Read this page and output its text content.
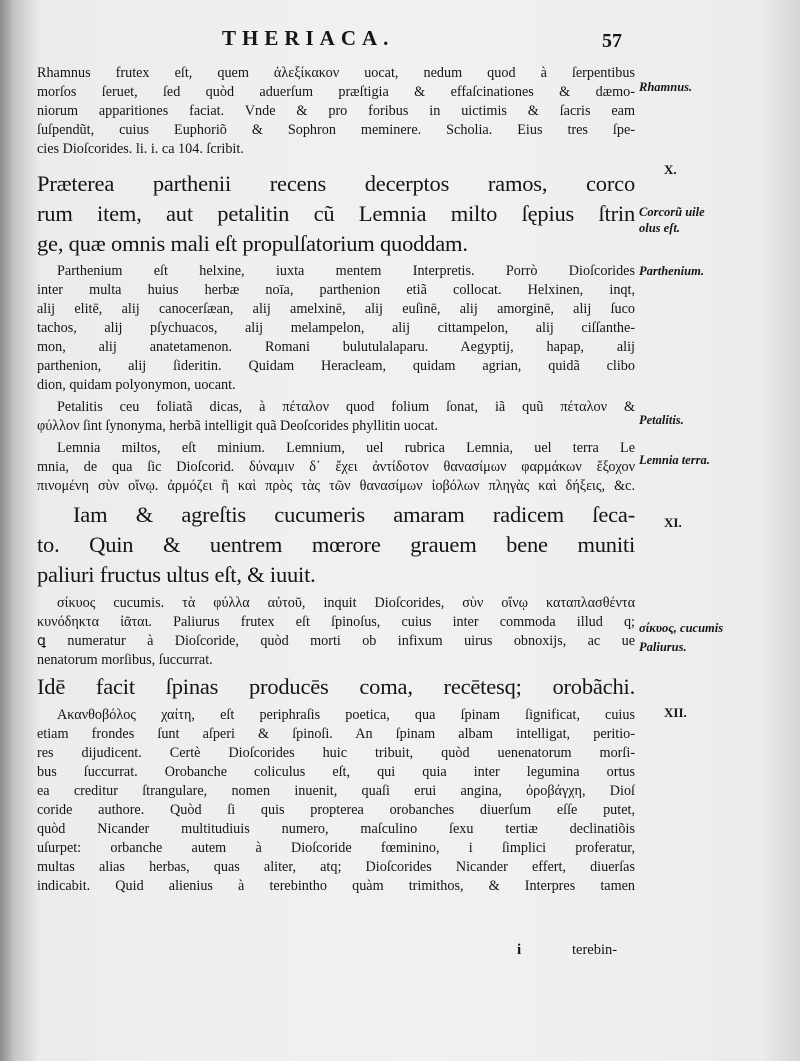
THERIACA.	57
Rhamnus frutex eſt, quem ἀλεξίκακον uocat, nedum quod à ſerpentibus
morſos ſeruet, ſed quòd aduerſum præſtigia & effaſcinationes & dæmo-
niorum apparitiones faciat. Vnde & pro foribus in uictimis & ſacris eam
ſuſpendũt, cuius Euphoriõ & Sophron meminere. Scholia. Eius tres ſpe-
cies Dioſcorides. li. i. ca 104. ſcribit.
Præterea parthenii recens decerptos ramos, corco
rum item, aut petalitin cũ Lemnia milto ſępius ſtrin
ge, quæ omnis mali eſt propulſatorium quoddam.
Parthenium eſt helxine, iuxta mentem Interpretis. Porrò Dioſcorides
inter multa huius herbæ noīa, parthenion etiã collocat. Helxinen, inqt,
alij elitē, alij canocerſæan, alij amelxinē, alij euſinē, alij amorginē, alij ſuco
tachos, alij pſychuacos, alij melampelon, alij cittampelon, alij ciſſanthe-
mon, alij anatetamenon. Romani bulutulalaparu. Aegyptij, hapap, alij
parthenion, alij ſideritin. Quidam Heracleam, quidam agrian, quidã clibo
dion, quidam polyonymon, uocant.
Petalitis ceu foliatã dicas, à πέταλον quod folium ſonat, iã quũ πέταλον &
φύλλον ſint ſynonyma, herbã intelligit quã Deoſcorides phyllitin uocat.
Lemnia miltos, eſt minium. Lemnium, uel rubrica Lemnia, uel terra Le
mnia, de qua ſic Dioſcorid. δύναμιν δ᾽ ἔχει ἀντίδοτον θανασίμων φαρμάκων ἔξοχον
πινομένη σὺν οἴνῳ. ἀρμόζει ἢ καὶ πρὸς τὰς τῶν θανασίμων ἰοβόλων πληγὰς καὶ δήξεις, &c.
Iam & agreſtis cucumeris amaram radicem ſeca-
to. Quin & uentrem mœrore grauem bene muniti
paliuri fructus ultus eſt, & iuuit.
σίκυος cucumis. τὰ φύλλα αὐτοῦ, inquit Dioſcorides, σὺν οἴνῳ καταπλασθέντα
κυνόδηκτα ἰᾶται. Paliurus frutex eſt ſpinoſus, cuius inter commoda illud q;
ꝗ numeratur à Dioſcoride, quòd morti ob infixum uirus obnoxijs, ac ue
nenatorum morſibus, ſuccurrat.
Idē facit ſpinas producēs coma, recētesq; orobãchi.
Ακανθοβόλος χαίτη, eſt periphraſis poetica, qua ſpinam ſignificat, cuius
etiam frondes ſunt aſperi & ſpinoſi. An ſpinam albam intelligat, peritio-
res dijudicent. Certè Dioſcorides huic tribuit, quòd uenenatorum morſi-
bus ſuccurrat. Orobanche coliculus eſt, qui quia inter legumina ortus
ea creditur ſtrangulare, nomen inuenit, quaſi erui angina, ὀροβάγχη, Dioſ
coride authore. Quòd ſi quis propterea orobanches diuerſum eſſe putet,
quòd Nicander multitudiuis numero, maſculino ſexu tertiæ declinatiõis
uſurpet: orbanche autem à Dioſcoride fœminino, i ſimplici proferatur,
multas alias herbas, quas aliter, atq; Dioſcorides Nicander effert, diuerſas
indicabit. Quid alienius à terebintho quàm trimithos, & Interpres tamen
Rhamnus.
X.
Corcorũ uile
olus eſt.
Parthenium.
Petalitis.
Lemnia terra.
XI.
σίκυος, cucumis
Paliurus.
XII.
i	terebin-
